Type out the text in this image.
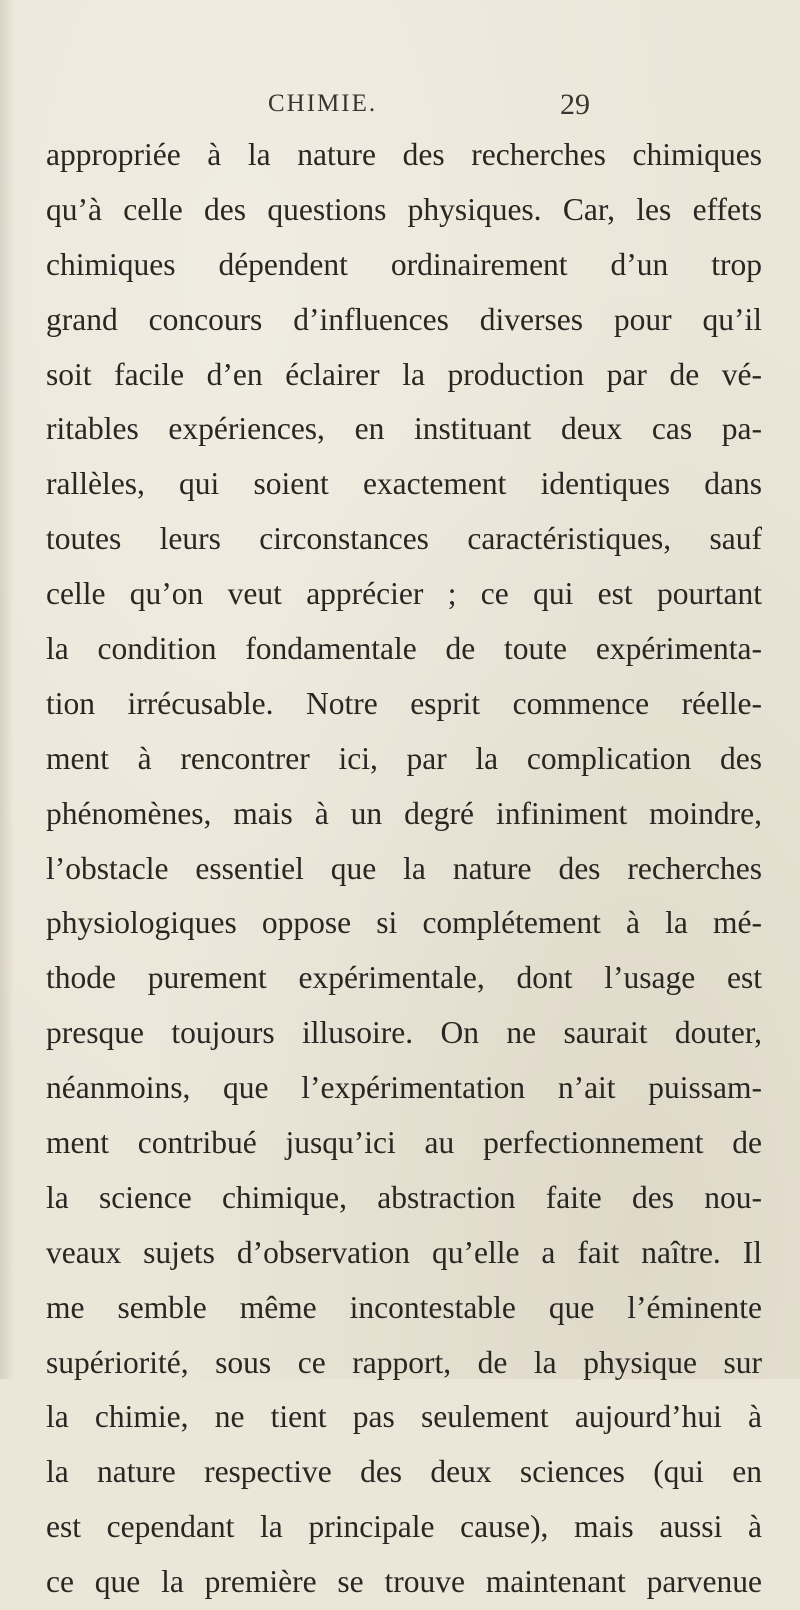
CHIMIE.	29
appropriée à la nature des recherches chimiques
qu’à celle des questions physiques. Car, les effets
chimiques dépendent ordinairement d’un trop
grand concours d’influences diverses pour qu’il
soit facile d’en éclairer la production par de vé-
ritables expériences, en instituant deux cas pa-
rallèles, qui soient exactement identiques dans
toutes leurs circonstances caractéristiques, sauf
celle qu’on veut apprécier ; ce qui est pourtant
la condition fondamentale de toute expérimenta-
tion irrécusable. Notre esprit commence réelle-
ment à rencontrer ici, par la complication des
phénomènes, mais à un degré infiniment moindre,
l’obstacle essentiel que la nature des recherches
physiologiques oppose si complétement à la mé-
thode purement expérimentale, dont l’usage est
presque toujours illusoire. On ne saurait douter,
néanmoins, que l’expérimentation n’ait puissam-
ment contribué jusqu’ici au perfectionnement de
la science chimique, abstraction faite des nou-
veaux sujets d’observation qu’elle a fait naître. Il
me semble même incontestable que l’éminente
supériorité, sous ce rapport, de la physique sur
la chimie, ne tient pas seulement aujourd’hui à
la nature respective des deux sciences (qui en
est cependant la principale cause), mais aussi à
ce que la première se trouve maintenant parvenue
